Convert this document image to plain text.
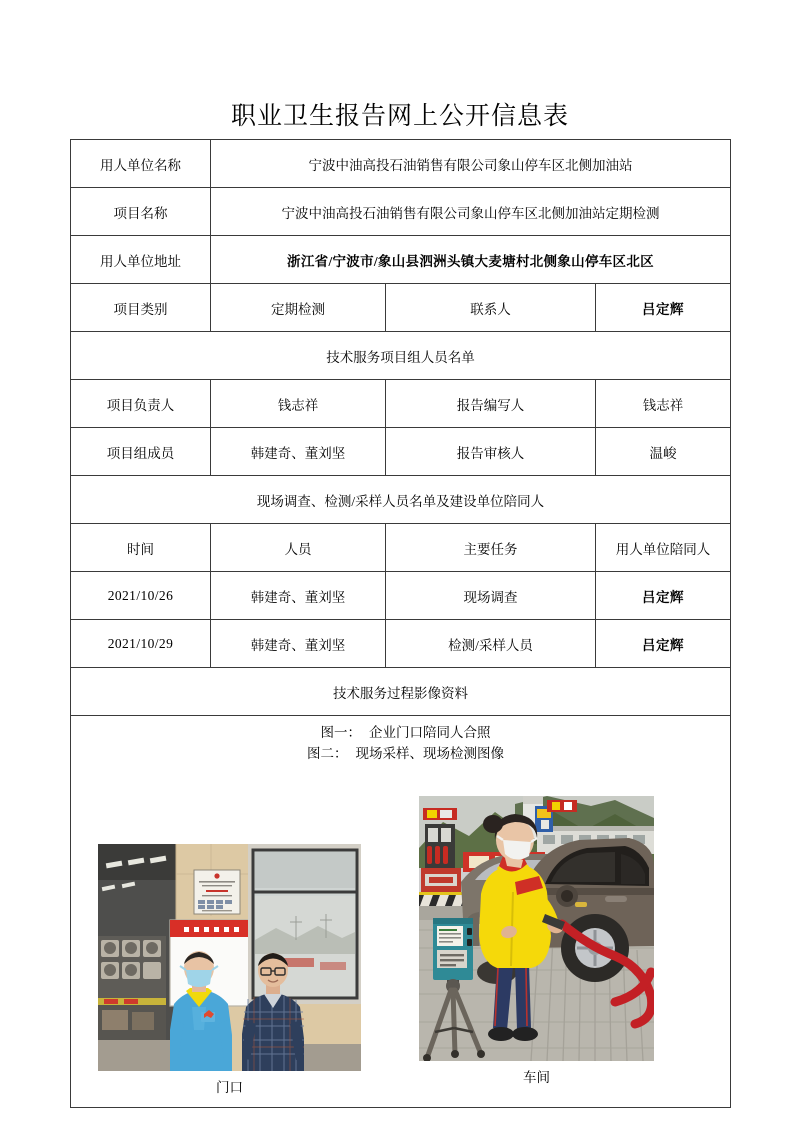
职业卫生报告网上公开信息表
用人单位名称	宁波中油高投石油销售有限公司象山停车区北侧加油站		
项目名称	宁波中油高投石油销售有限公司象山停车区北侧加油站定期检测		
用人单位地址	浙江省/宁波市/象山县泗洲头镇大麦塘村北侧象山停车区北区		
项目类别	定期检测	联系人	吕定辉
技术服务项目组人员名单			
项目负责人	钱志祥	报告编写人	钱志祥
项目组成员	韩建奇、董刘坚	报告审核人	温峻
现场调查、检测/采样人员名单及建设单位陪同人			
时间	人员	主要任务	用人单位陪同人
2021/10/26	韩建奇、董刘坚	现场调查	吕定辉
2021/10/29	韩建奇、董刘坚	检测/采样人员	吕定辉
技术服务过程影像资料			

图一： 企业门口陪同人合照
图二： 现场采样、现场检测图像
门口
车间			
